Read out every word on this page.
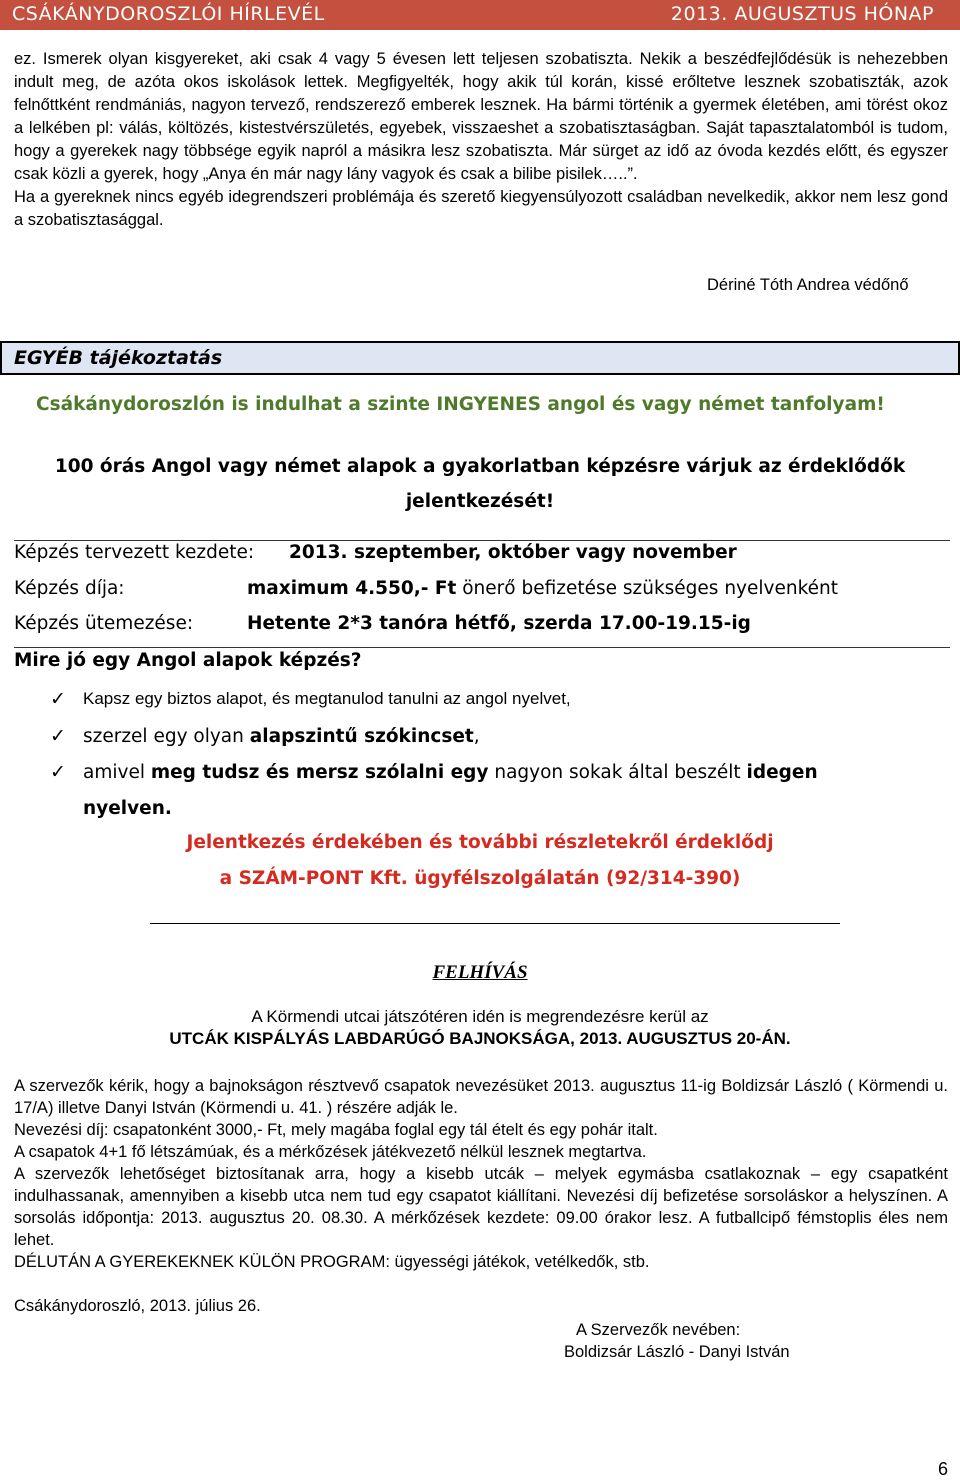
CSÁKÁNYDOROSZLÓI HÍRLEVÉL	2013. AUGUSZTUS HÓNAP

ez. Ismerek olyan kisgyereket, aki csak 4 vagy 5 évesen lett teljesen szobatiszta. Nekik a beszédfejlődésük is nehezebben indult meg, de azóta okos iskolások lettek. Megfigyelték, hogy akik túl korán, kissé erőltetve lesznek szobatiszták, azok felnőttként rendmániás, nagyon tervező, rendszerező emberek lesznek. Ha bármi történik a gyermek életében, ami törést okoz a lelkében pl: válás, költözés, kistestvérszületés, egyebek, visszaeshet a szobatisztaságban. Saját tapasztalatomból is tudom, hogy a gyerekek nagy többsége egyik napról a másikra lesz szobatiszta. Már sürget az idő az óvoda kezdés előtt, és egyszer csak közli a gyerek, hogy „Anya én már nagy lány vagyok és csak a bilibe pisilek…..”.

Ha a gyereknek nincs egyéb idegrendszeri problémája és szerető kiegyensúlyozott családban nevelkedik, akkor nem lesz gond a szobatisztasággal.

Dériné Tóth Andrea védőnő
EGYÉB tájékoztatás
Csákánydoroszlón is indulhat a szinte INGYENES angol és vagy német tanfolyam!
100 órás Angol vagy német alapok a gyakorlatban képzésre várjuk az érdeklődők
jelentkezését!
Képzés tervezett kezdete: 2013. szeptember, október vagy november
Képzés díja:	maximum 4.550,- Ft önerő befizetése szükséges nyelvenként
Képzés ütemezése:	Hetente 2*3 tanóra hétfő, szerda 17.00-19.15-ig
Mire jó egy Angol alapok képzés?
✓ Kapsz egy biztos alapot, és megtanulod tanulni az angol nyelvet,
✓ szerzel egy olyan alapszintű szókincset,
✓ amivel meg tudsz és mersz szólalni egy nagyon sokak által beszélt idegen
nyelven.
Jelentkezés érdekében és további részletekről érdeklődj
a SZÁM-PONT Kft. ügyfélszolgálatán (92/314-390)
FELHÍVÁS
A Körmendi utcai játszótéren idén is megrendezésre kerül az
UTCÁK KISPÁLYÁS LABDARÚGÓ BAJNOKSÁGA, 2013. AUGUSZTUS 20-ÁN.

A szervezők kérik, hogy a bajnokságon résztvevő csapatok nevezésüket 2013. augusztus 11-ig Boldizsár László ( Körmendi u. 17/A) illetve Danyi István (Körmendi u. 41. ) részére adják le.

Nevezési díj: csapatonként 3000,- Ft, mely magába foglal egy tál ételt és egy pohár italt.

A csapatok 4+1 fő létszámúak, és a mérkőzések játékvezető nélkül lesznek megtartva.

A szervezők lehetőséget biztosítanak arra, hogy a kisebb utcák – melyek egymásba csatlakoznak – egy csapatként indulhassanak, amennyiben a kisebb utca nem tud egy csapatot kiállítani. Nevezési díj befizetése sorsoláskor a helyszínen. A sorsolás időpontja: 2013. augusztus 20. 08.30. A mérkőzések kezdete: 09.00 órakor lesz. A futballcipő fémstoplis éles nem lehet.

DÉLUTÁN A GYEREKEKNEK KÜLÖN PROGRAM: ügyességi játékok, vetélkedők, stb.

Csákánydoroszló, 2013. július 26.
A Szervezők nevében:
Boldizsár László - Danyi István
6
